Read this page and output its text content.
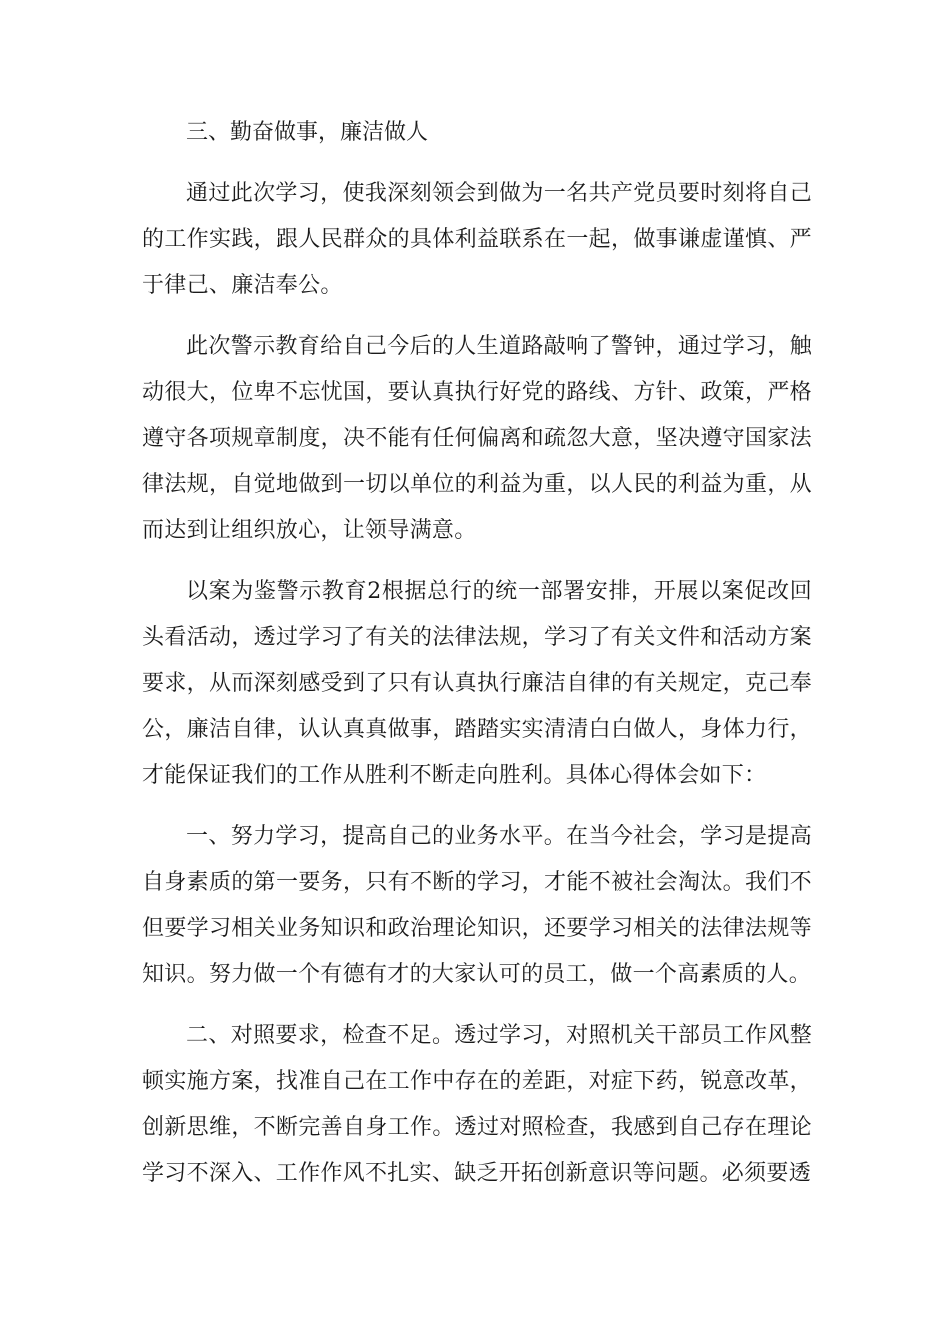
三、勤奋做事，廉洁做人

通过此次学习，使我深刻领会到做为一名共产党员要时刻将自己的工作实践，跟人民群众的具体利益联系在一起，做事谦虚谨慎、严于律己、廉洁奉公。

此次警示教育给自己今后的人生道路敲响了警钟，通过学习，触动很大，位卑不忘忧国，要认真执行好党的路线、方针、政策，严格遵守各项规章制度，决不能有任何偏离和疏忽大意，坚决遵守国家法律法规，自觉地做到一切以单位的利益为重，以人民的利益为重，从而达到让组织放心，让领导满意。

以案为鉴警示教育2根据总行的统一部署安排，开展以案促改回头看活动，透过学习了有关的法律法规，学习了有关文件和活动方案要求，从而深刻感受到了只有认真执行廉洁自律的有关规定，克己奉公，廉洁自律，认认真真做事，踏踏实实清清白白做人，身体力行，才能保证我们的工作从胜利不断走向胜利。具体心得体会如下：

一、努力学习，提高自己的业务水平。在当今社会，学习是提高自身素质的第一要务，只有不断的学习，才能不被社会淘汰。我们不但要学习相关业务知识和政治理论知识，还要学习相关的法律法规等知识。努力做一个有德有才的大家认可的员工，做一个高素质的人。

二、对照要求，检查不足。透过学习，对照机关干部员工作风整顿实施方案，找准自己在工作中存在的差距，对症下药，锐意改革，创新思维，不断完善自身工作。透过对照检查，我感到自己存在理论学习不深入、工作作风不扎实、缺乏开拓创新意识等问题。必须要透
